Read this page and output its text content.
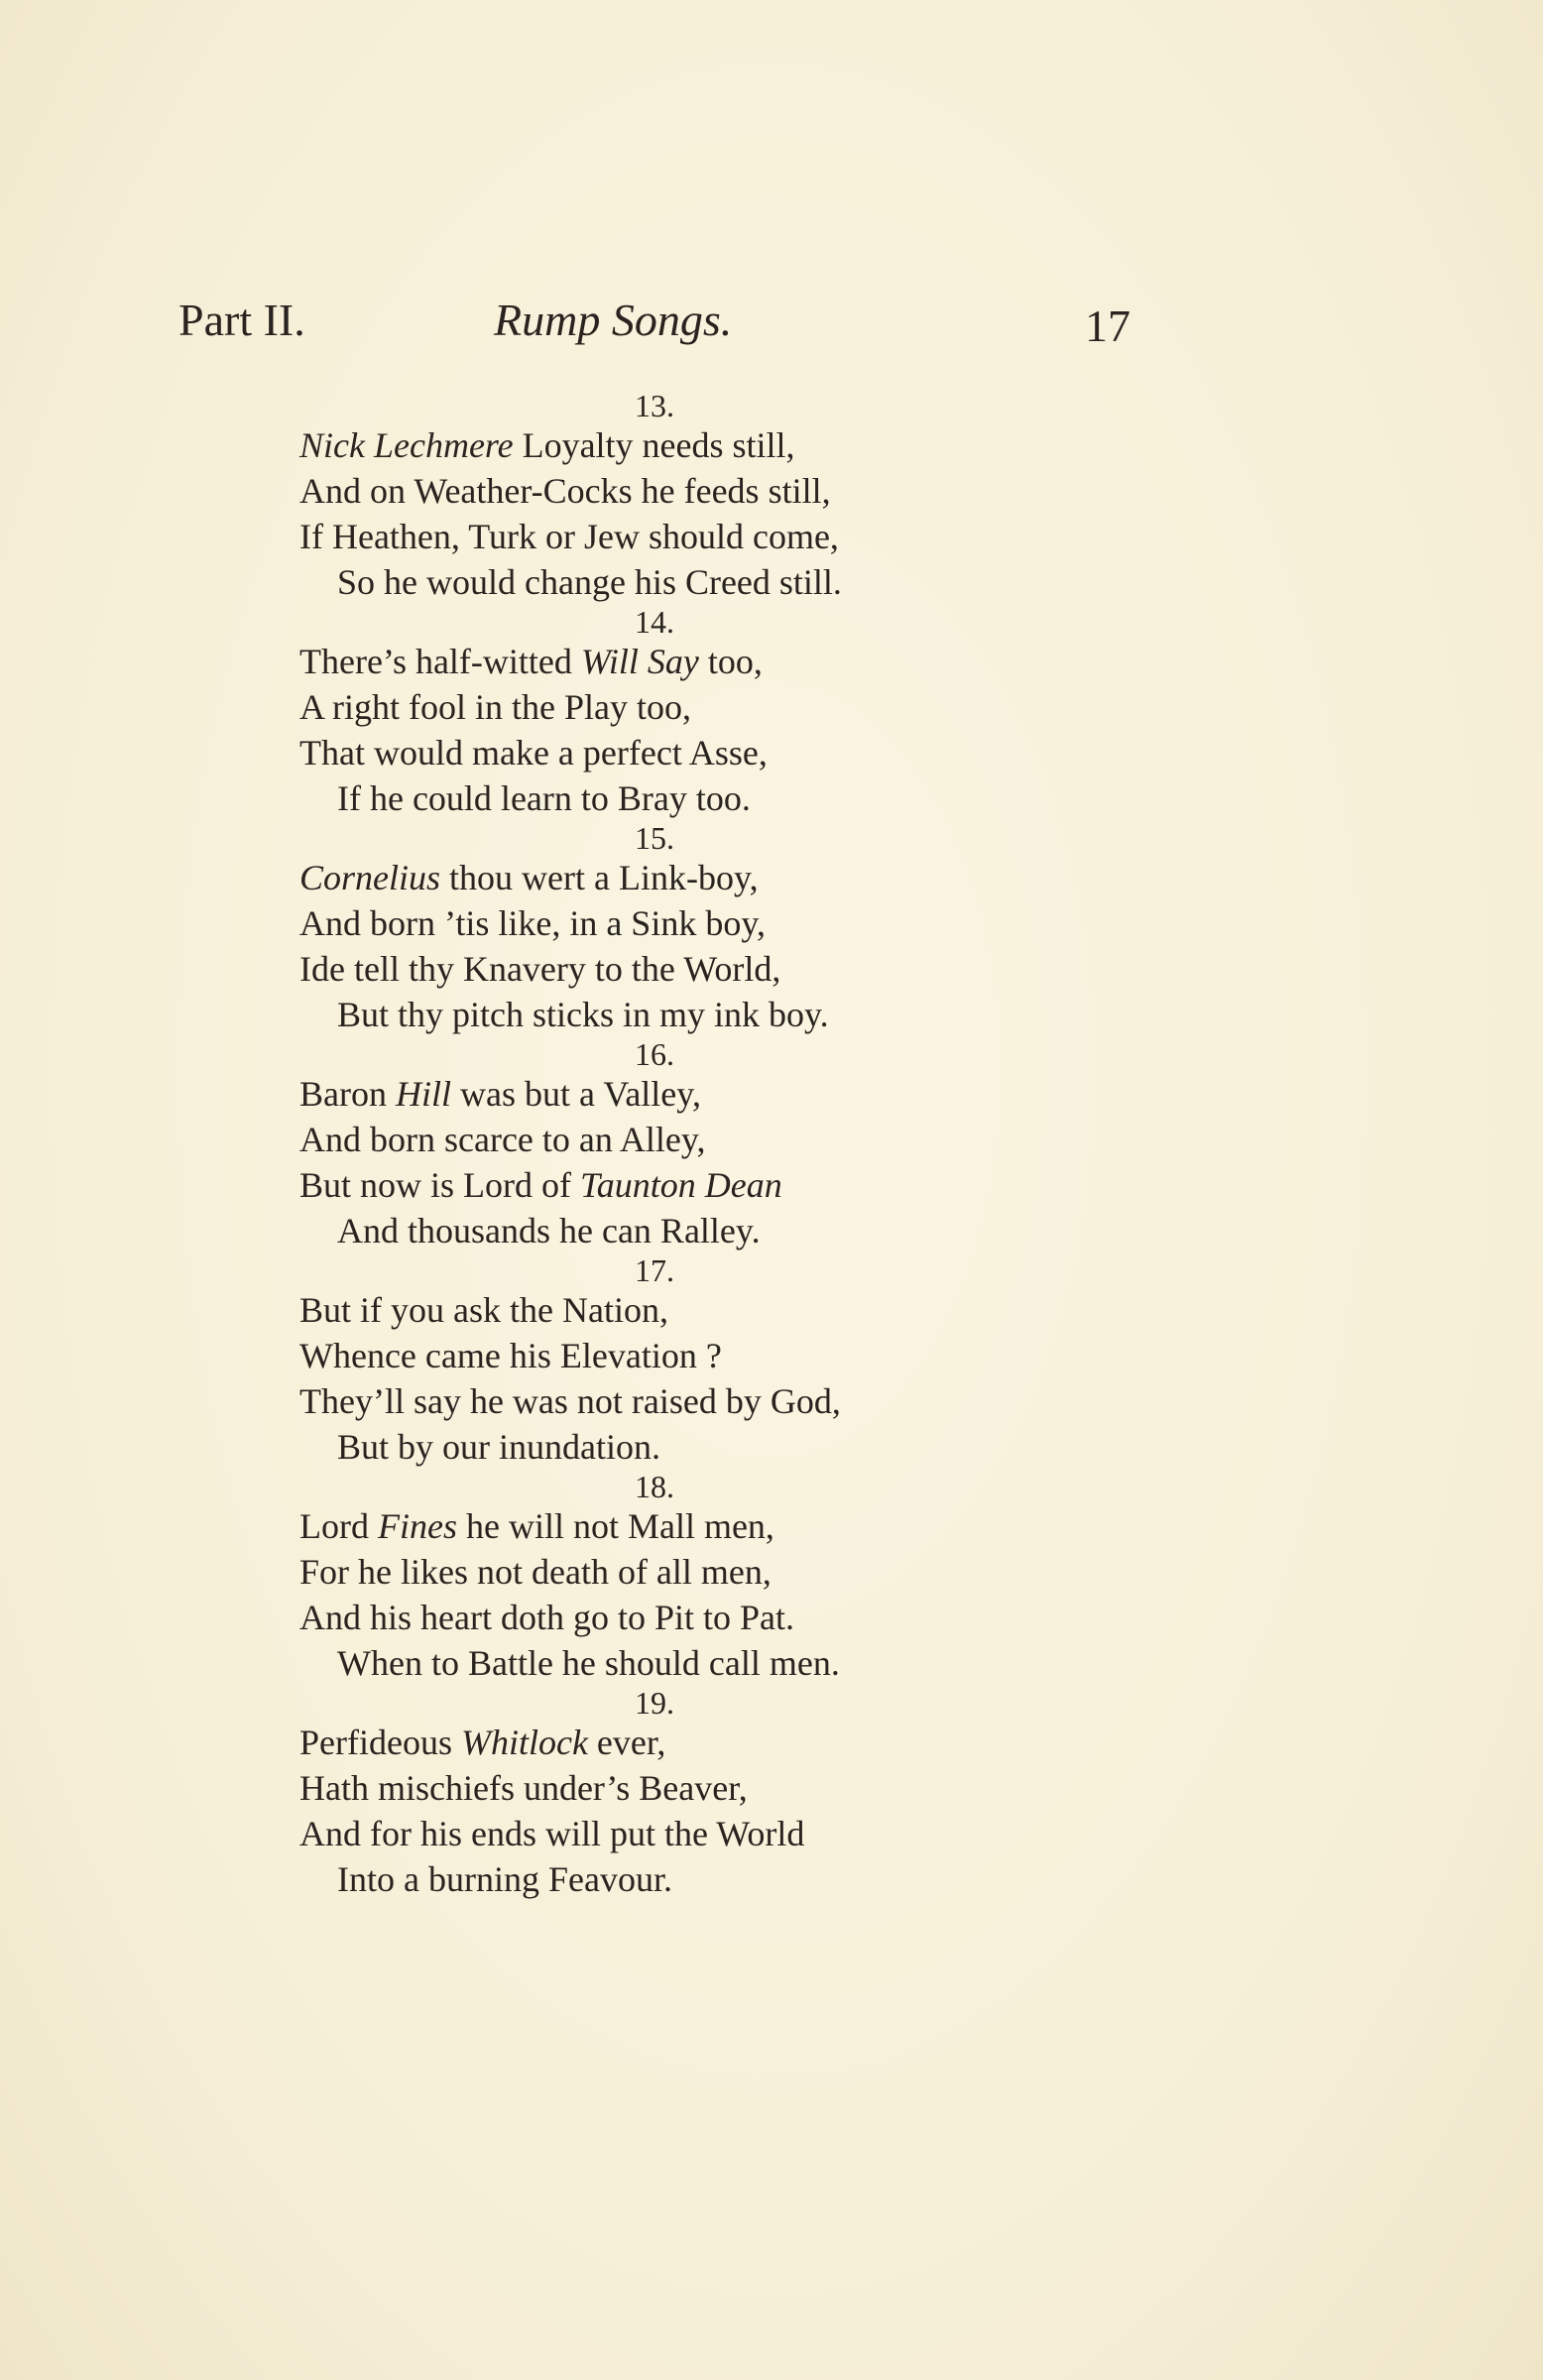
Part II.	Rump Songs.	17
13.
Nick Lechmere Loyalty needs still,
And on Weather-Cocks he feeds still,
If Heathen, Turk or Jew should come,
So he would change his Creed still.
14.
There’s half-witted Will Say too,
A right fool in the Play too,
That would make a perfect Asse,
If he could learn to Bray too.
15.
Cornelius thou wert a Link-boy,
And born ’tis like, in a Sink boy,
Ide tell thy Knavery to the World,
But thy pitch sticks in my ink boy.
16.
Baron Hill was but a Valley,
And born scarce to an Alley,
But now is Lord of Taunton Dean
And thousands he can Ralley.
17.
But if you ask the Nation,
Whence came his Elevation ?
They’ll say he was not raised by God,
But by our inundation.
18.
Lord Fines he will not Mall men,
For he likes not death of all men,
And his heart doth go to Pit to Pat.
When to Battle he should call men.
19.
Perfideous Whitlock ever,
Hath mischiefs under’s Beaver,
And for his ends will put the World
Into a burning Feavour.
